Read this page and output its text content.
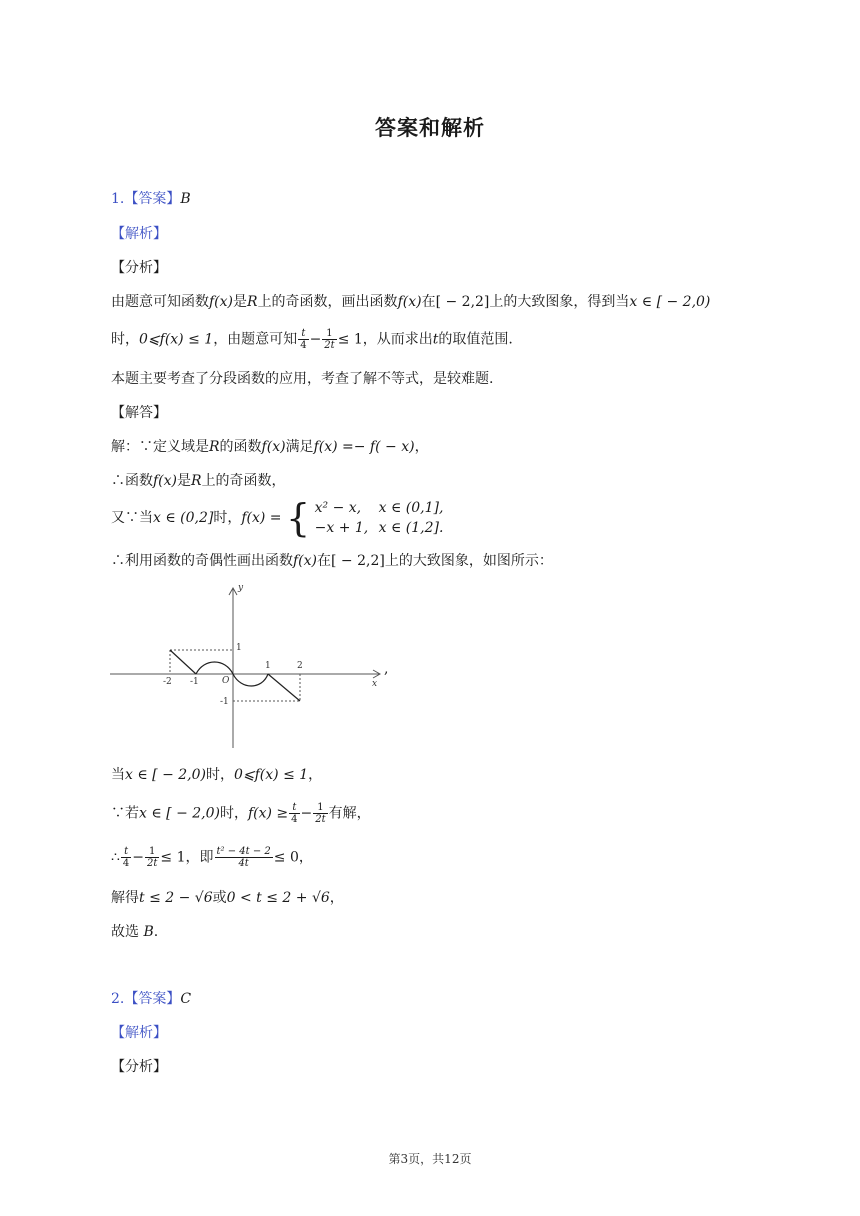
答案和解析
1.【答案】B
【解析】
【分析】
由题意可知函数f(x)是R上的奇函数，画出函数f(x)在[ − 2,2]上的大致图象，得到当x ∈ [ − 2,0)
时，0⩽f(x) ≤ 1，由题意可知 $\frac{t}{4} - \frac{1}{2t} \le 1$，从而求出t的取值范围.
本题主要考查了分段函数的应用，考查了解不等式，是较难题.
【解答】
解：∵定义域是R的函数f(x)满足f(x) =− f( − x)，
∴函数f(x)是R上的奇函数，
又∵当x ∈ (0,2]时，f(x) = { x² − x, x ∈ (0,1],
−x + 1, x ∈ (1,2].
∴利用函数的奇偶性画出函数f(x)在[ − 2,2]上的大致图象，如图所示：
y
x
O
-2 -1
1	2
1
-1
,
当x ∈ [ − 2,0)时，0⩽f(x) ≤ 1，
∵若x ∈ [ − 2,0)时，$f(x) \ge \frac{t}{4} - \frac{1}{2t}$ 有解，
∴ $\frac{t}{4} - \frac{1}{2t} \le 1$，即 $\frac{\text{t² − 4t − 2}}{4t} \le 0$，
解得t ≤ 2 − √6或0 < t ≤ 2 + √6，
故选 B.
2.【答案】C
【解析】
【分析】
第3页，共12页
